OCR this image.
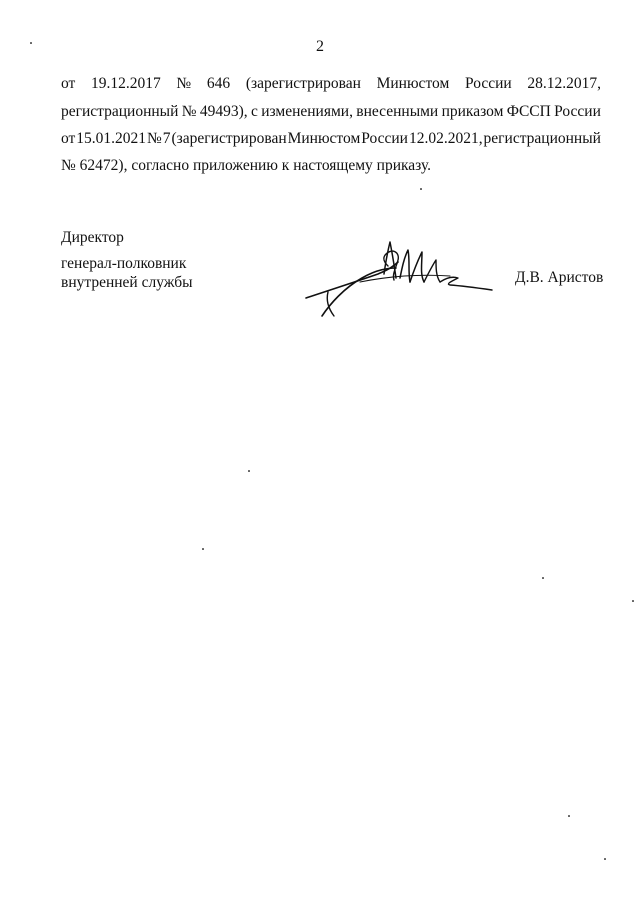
2
от 19.12.2017 № 646 (зарегистрирован Минюстом России 28.12.2017,
регистрационный № 49493), с изменениями, внесенными приказом ФССП России
от 15.01.2021 № 7 (зарегистрирован Минюстом России 12.02.2021, регистрационный
№ 62472), согласно приложению к настоящему приказу.
Директор
генерал-полковник
внутренней службы	Д.В. Аристов
